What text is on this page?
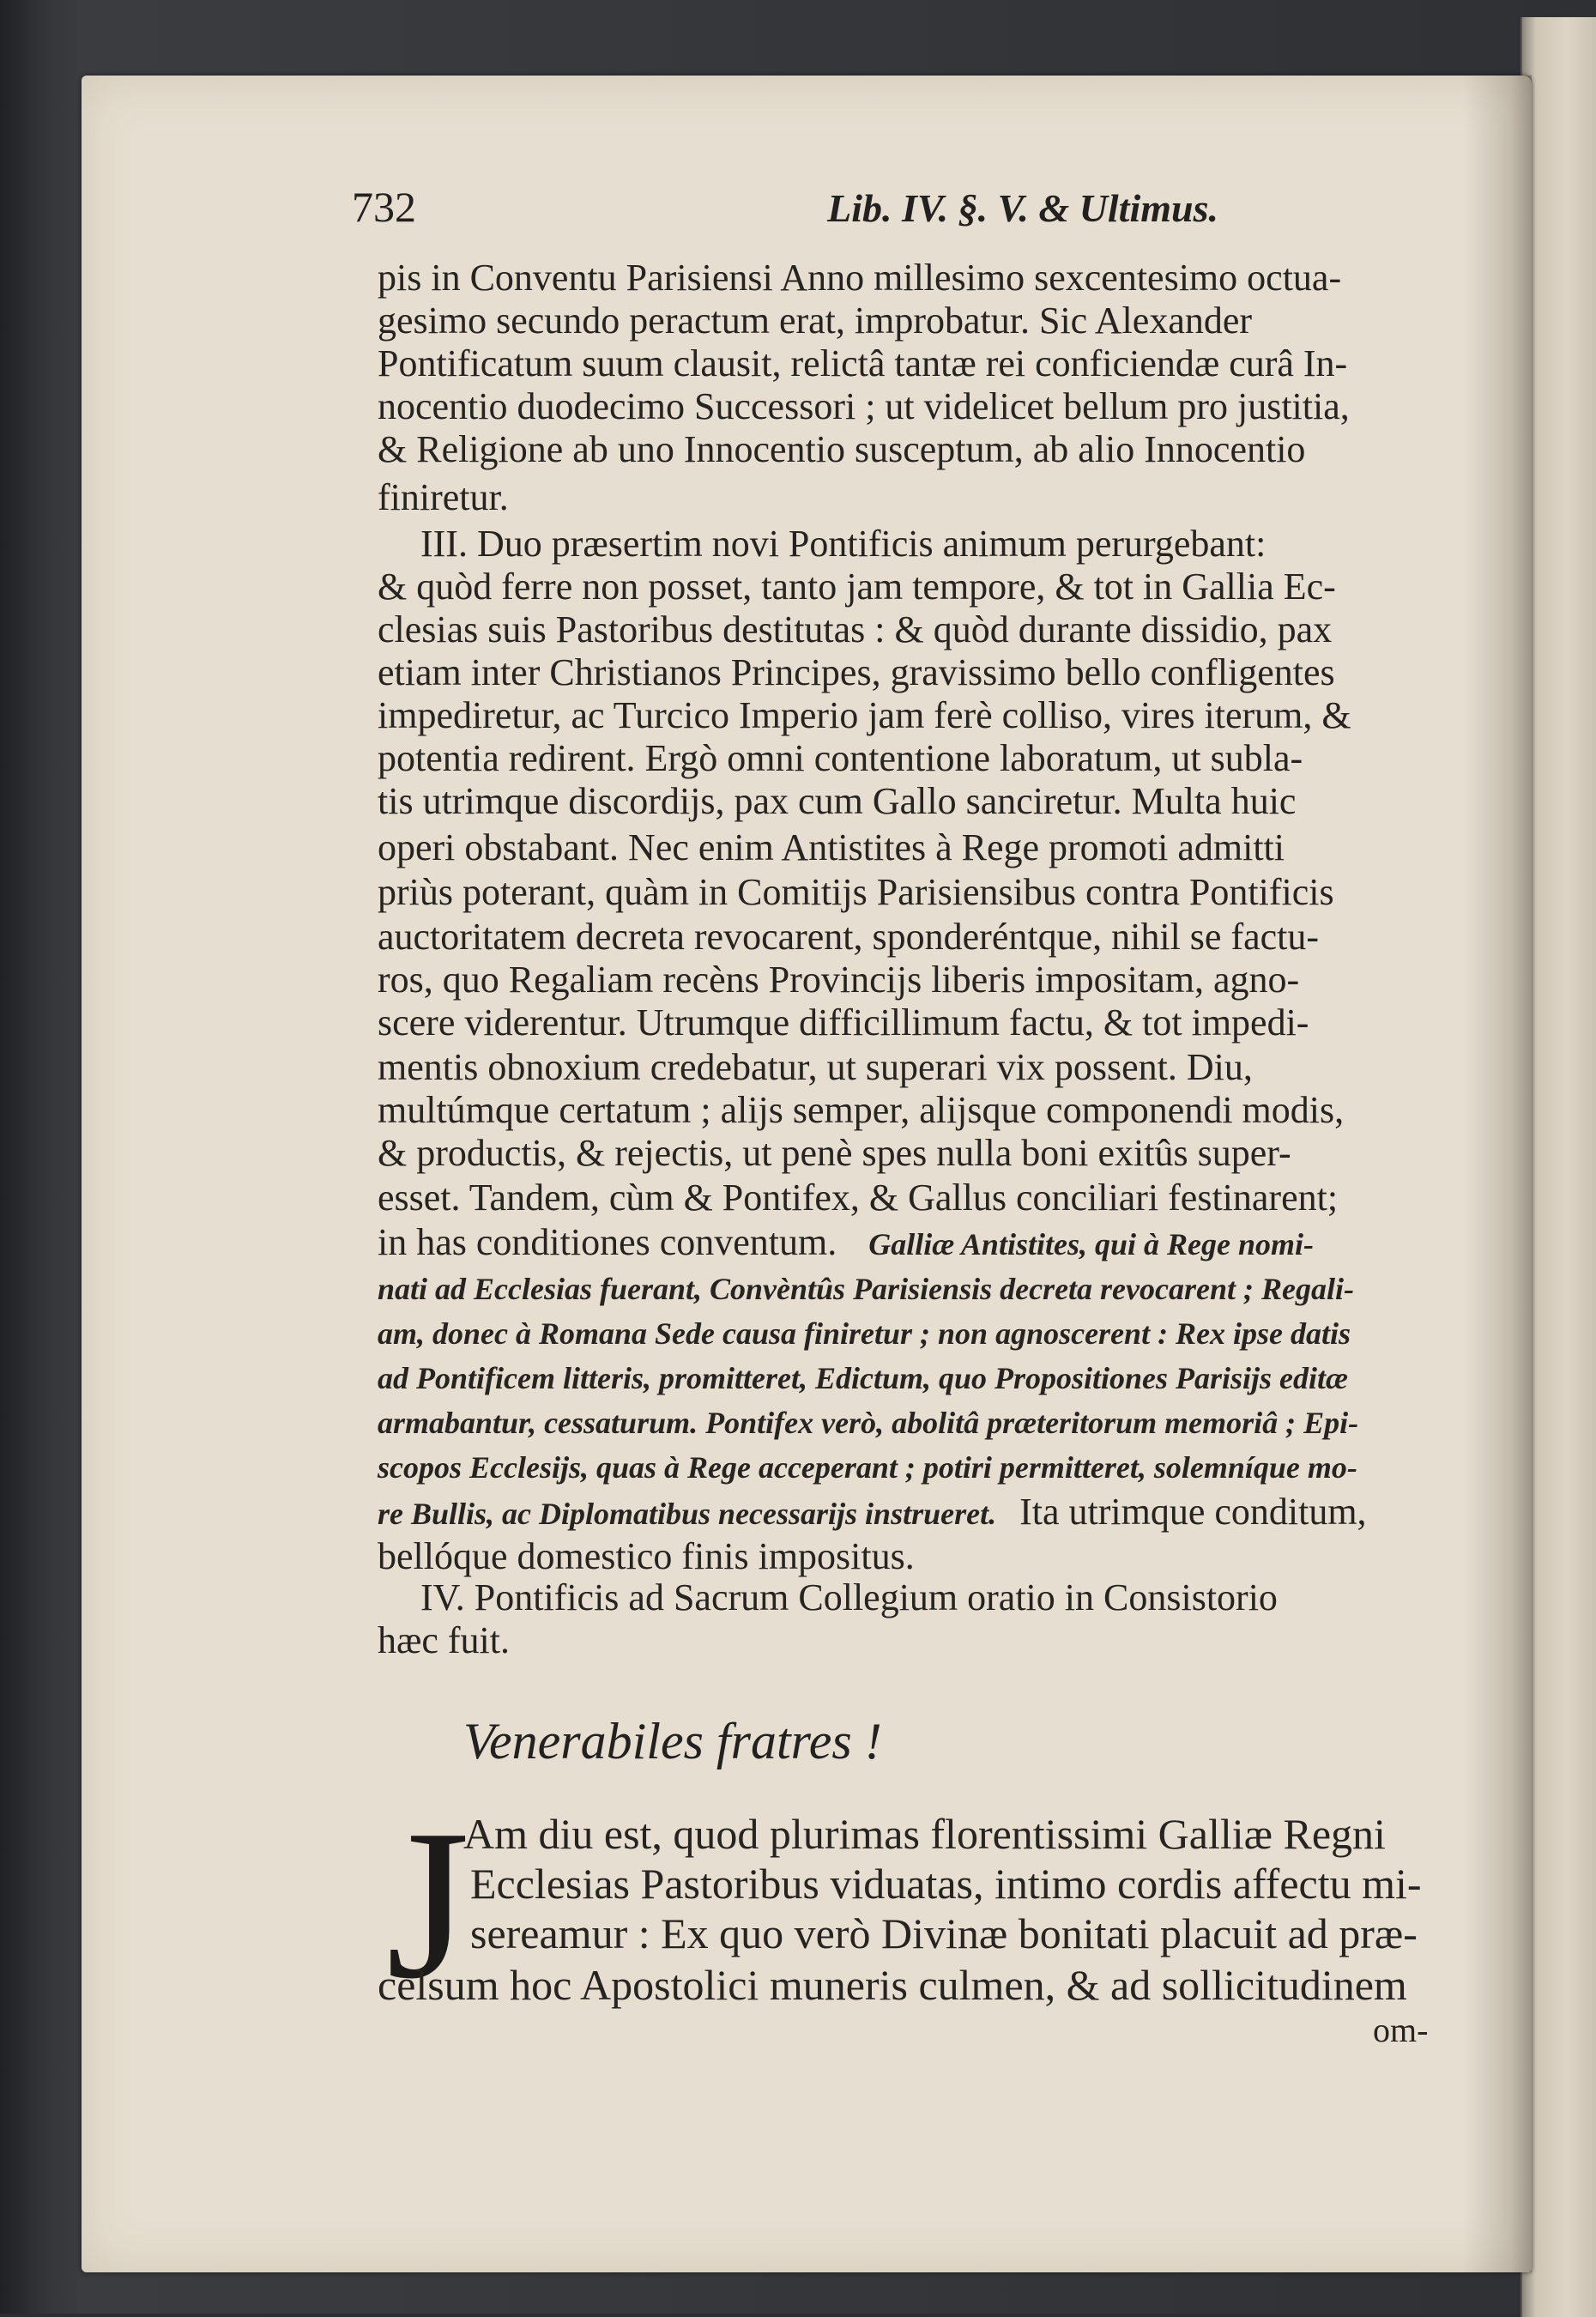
732	Lib. IV. §. V. & Ultimus.
pis in Conventu Parisiensi Anno millesimo sexcentesimo octua-
gesimo secundo peractum erat, improbatur. Sic Alexander
Pontificatum suum clausit, relictâ tantæ rei conficiendæ curâ In-
nocentio duodecimo Successori ; ut videlicet bellum pro justitia,
& Religione ab uno Innocentio susceptum, ab alio Innocentio
finiretur.
III. Duo præsertim novi Pontificis animum perurgebant:
& quòd ferre non posset, tanto jam tempore, & tot in Gallia Ec-
clesias suis Pastoribus destitutas : & quòd durante dissidio, pax
etiam inter Christianos Principes, gravissimo bello confligentes
impediretur, ac Turcico Imperio jam ferè colliso, vires iterum, &
potentia redirent. Ergò omni contentione laboratum, ut subla-
tis utrimque discordijs, pax cum Gallo sanciretur. Multa huic
operi obstabant. Nec enim Antistites à Rege promoti admitti
priùs poterant, quàm in Comitijs Parisiensibus contra Pontificis
auctoritatem decreta revocarent, sponderéntque, nihil se factu-
ros, quo Regaliam recèns Provincijs liberis impositam, agno-
scere viderentur. Utrumque difficillimum factu, & tot impedi-
mentis obnoxium credebatur, ut superari vix possent. Diu,
multúmque certatum ; alijs semper, alijsque componendi modis,
& productis, & rejectis, ut penè spes nulla boni exitûs super-
esset. Tandem, cùm & Pontifex, & Gallus conciliari festinarent;
in has conditiones conventum. Galliæ Antistites, qui à Rege nomi-
nati ad Ecclesias fuerant, Convèntûs Parisiensis decreta revocarent ; Regali-
am, donec à Romana Sede causa finiretur ; non agnoscerent : Rex ipse datis
ad Pontificem litteris, promitteret, Edictum, quo Propositiones Parisijs editæ
armabantur, cessaturum. Pontifex verò, abolitâ præteritorum memoriâ ; Epi-
scopos Ecclesijs, quas à Rege acceperant ; potiri permitteret, solemníque mo-
re Bullis, ac Diplomatibus necessarijs instrueret. Ita utrimque conditum,
bellóque domestico finis impositus.
IV. Pontificis ad Sacrum Collegium oratio in Consistorio
hæc fuit.
Venerabiles fratres !
J
Am diu est, quod plurimas florentissimi Galliæ Regni
Ecclesias Pastoribus viduatas, intimo cordis affectu mi-
sereamur : Ex quo verò Divinæ bonitati placuit ad præ-
celsum hoc Apostolici muneris culmen, & ad sollicitudinem
om-
